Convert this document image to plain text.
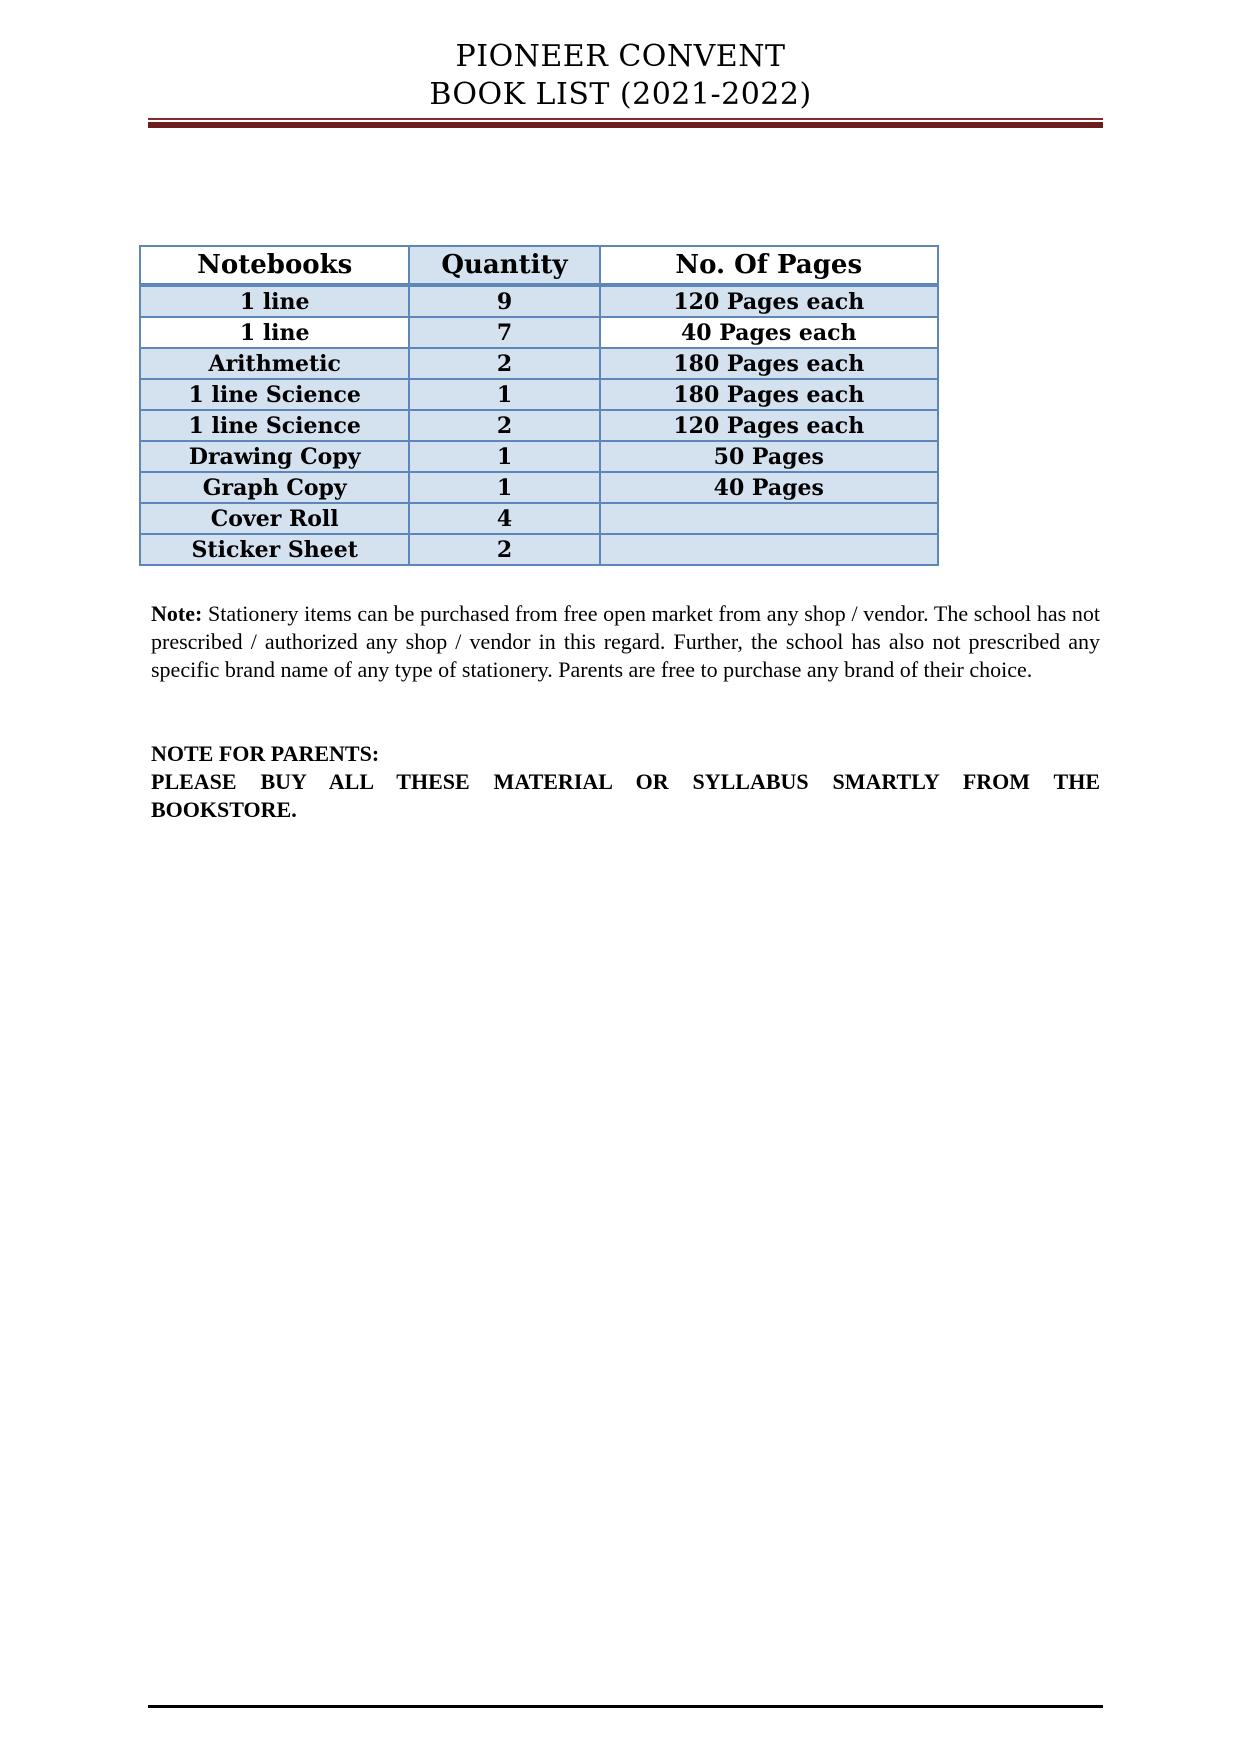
PIONEER CONVENT
BOOK LIST (2021-2022)
Notebooks	Quantity	No. Of Pages
1 line	9	120 Pages each
1 line	7	40 Pages each
Arithmetic	2	180 Pages each
1 line Science	1	180 Pages each
1 line Science	2	120 Pages each
Drawing Copy	1	50 Pages
Graph Copy	1	40 Pages
Cover Roll	4	
Sticker Sheet	2	
Note: Stationery items can be purchased from free open market from any shop / vendor. The school has not prescribed / authorized any shop / vendor in this regard. Further, the school has also not prescribed any specific brand name of any type of stationery. Parents are free to purchase any brand of their choice.
NOTE FOR PARENTS:
PLEASE BUY ALL THESE MATERIAL OR SYLLABUS SMARTLY FROM THE
BOOKSTORE.
